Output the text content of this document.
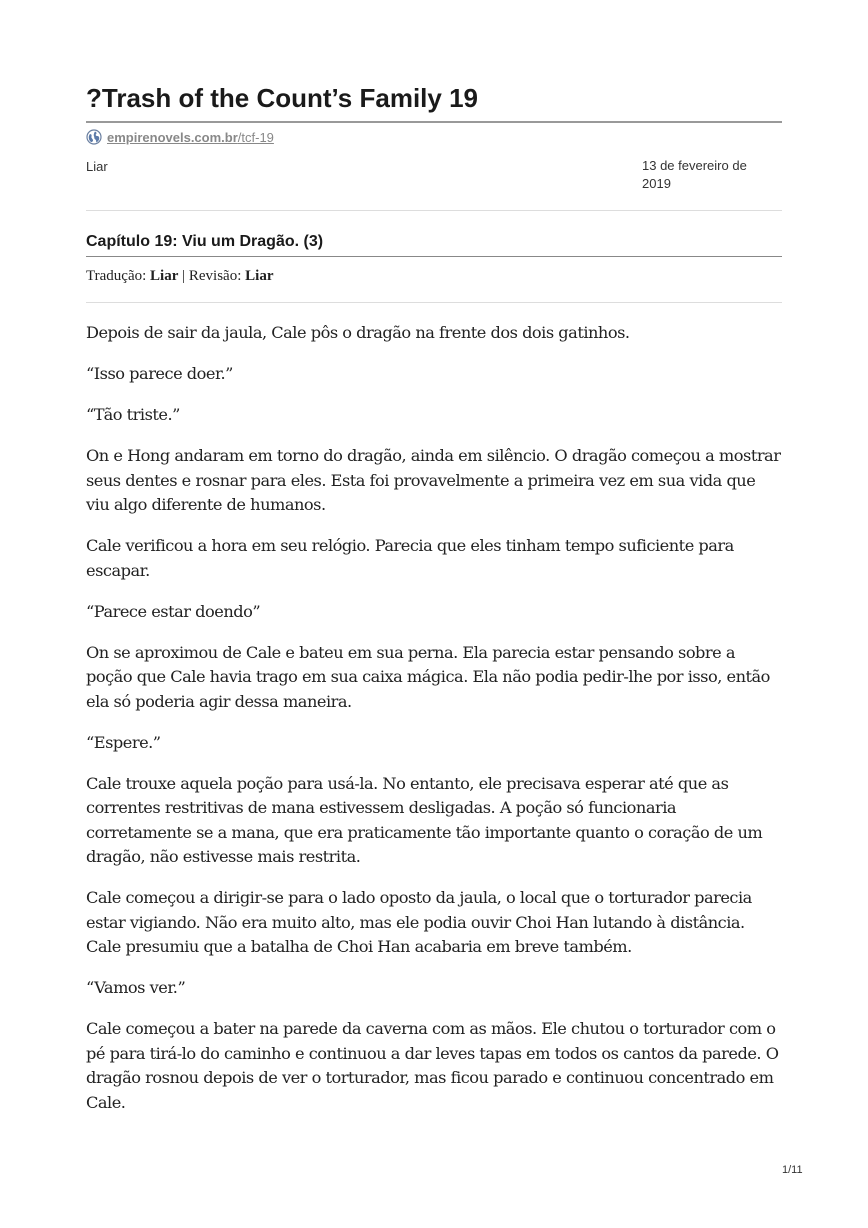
?Trash of the Count’s Family 19
empirenovels.com.br /tcf-19
Liar	13 de fevereiro de 2019
Capítulo 19: Viu um Dragão. (3)
Tradução: Liar | Revisão: Liar

Depois de sair da jaula, Cale pôs o dragão na frente dos dois gatinhos.

“Isso parece doer.”

“Tão triste.”

On e Hong andaram em torno do dragão, ainda em silêncio. O dragão começou a mostrar seus dentes e rosnar para eles. Esta foi provavelmente a primeira vez em sua vida que viu algo diferente de humanos.

Cale verificou a hora em seu relógio. Parecia que eles tinham tempo suficiente para escapar.

“Parece estar doendo”

On se aproximou de Cale e bateu em sua perna. Ela parecia estar pensando sobre a poção que Cale havia trago em sua caixa mágica. Ela não podia pedir-lhe por isso, então ela só poderia agir dessa maneira.

“Espere.”

Cale trouxe aquela poção para usá-la. No entanto, ele precisava esperar até que as correntes restritivas de mana estivessem desligadas. A poção só funcionaria corretamente se a mana, que era praticamente tão importante quanto o coração de um dragão, não estivesse mais restrita.

Cale começou a dirigir-se para o lado oposto da jaula, o local que o torturador parecia estar vigiando. Não era muito alto, mas ele podia ouvir Choi Han lutando à distância. Cale presumiu que a batalha de Choi Han acabaria em breve também.

“Vamos ver.”

Cale começou a bater na parede da caverna com as mãos. Ele chutou o torturador com o pé para tirá-lo do caminho e continuou a dar leves tapas em todos os cantos da parede. O dragão rosnou depois de ver o torturador, mas ficou parado e continuou concentrado em Cale.

1/11
